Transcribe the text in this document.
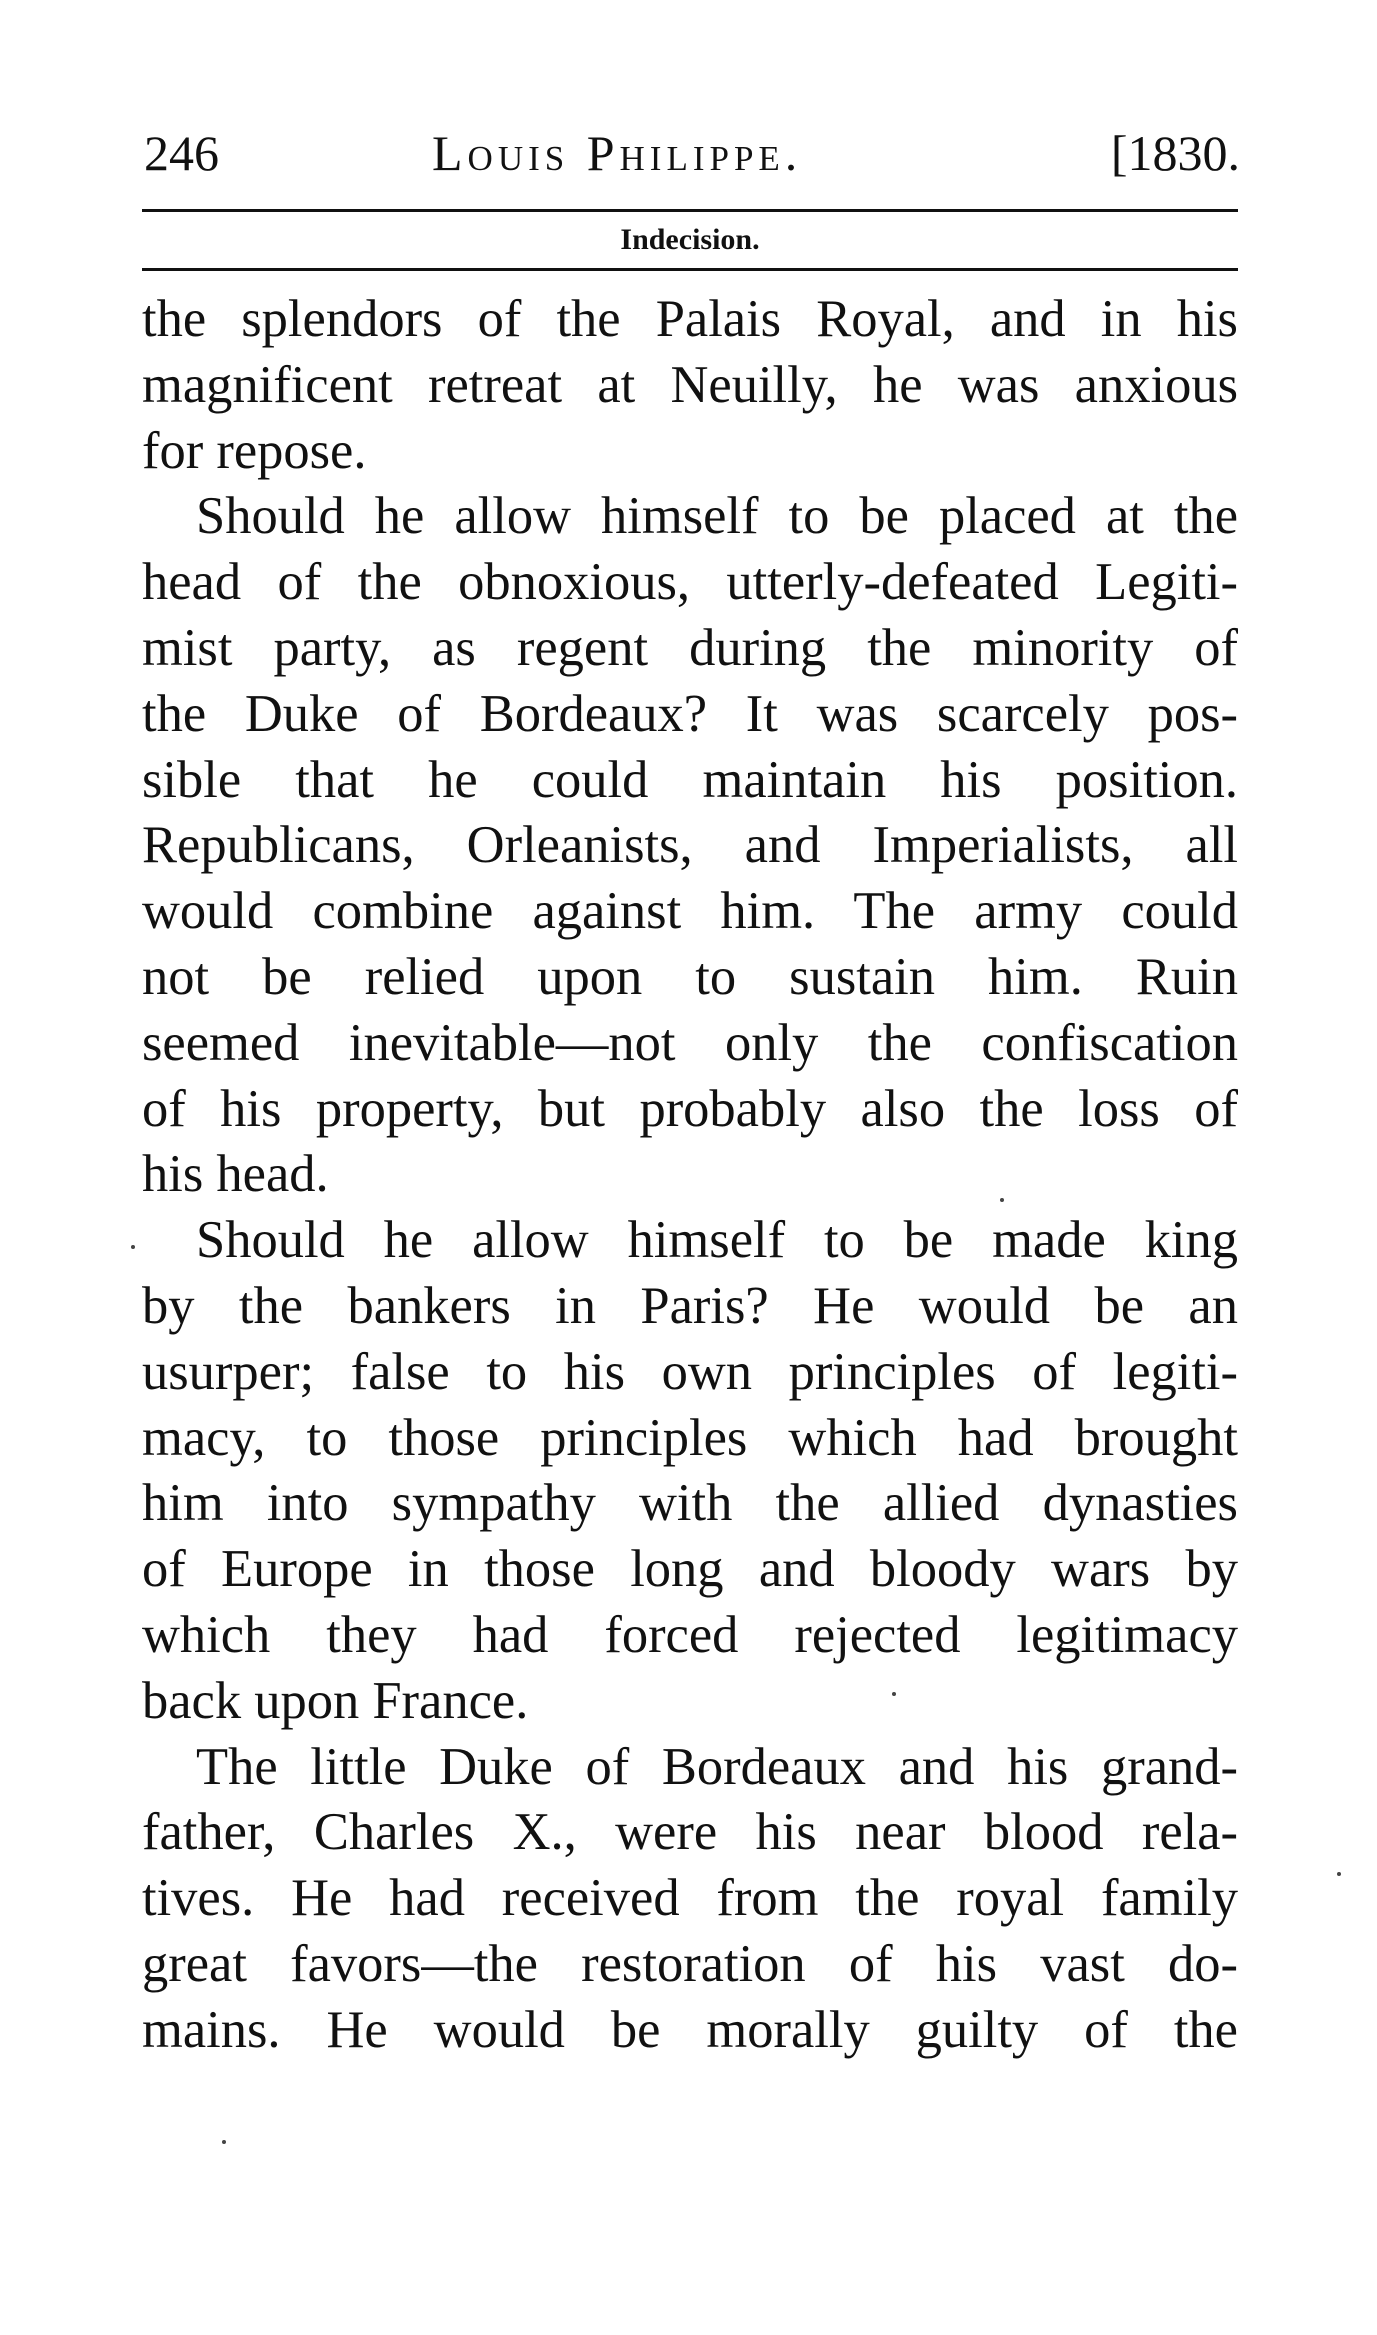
246	Louis Philippe.	[1830.
Indecision.
the splendors of the Palais Royal, and in his
magnificent retreat at Neuilly, he was anxious
for repose.
Should he allow himself to be placed at the
head of the obnoxious, utterly-defeated Legiti-
mist party, as regent during the minority of
the Duke of Bordeaux? It was scarcely pos-
sible that he could maintain his position.
Republicans, Orleanists, and Imperialists, all
would combine against him. The army could
not be relied upon to sustain him. Ruin
seemed inevitable—not only the confiscation
of his property, but probably also the loss of
his head.
Should he allow himself to be made king
by the bankers in Paris? He would be an
usurper; false to his own principles of legiti-
macy, to those principles which had brought
him into sympathy with the allied dynasties
of Europe in those long and bloody wars by
which they had forced rejected legitimacy
back upon France.
The little Duke of Bordeaux and his grand-
father, Charles X., were his near blood rela-
tives. He had received from the royal family
great favors—the restoration of his vast do-
mains. He would be morally guilty of the
